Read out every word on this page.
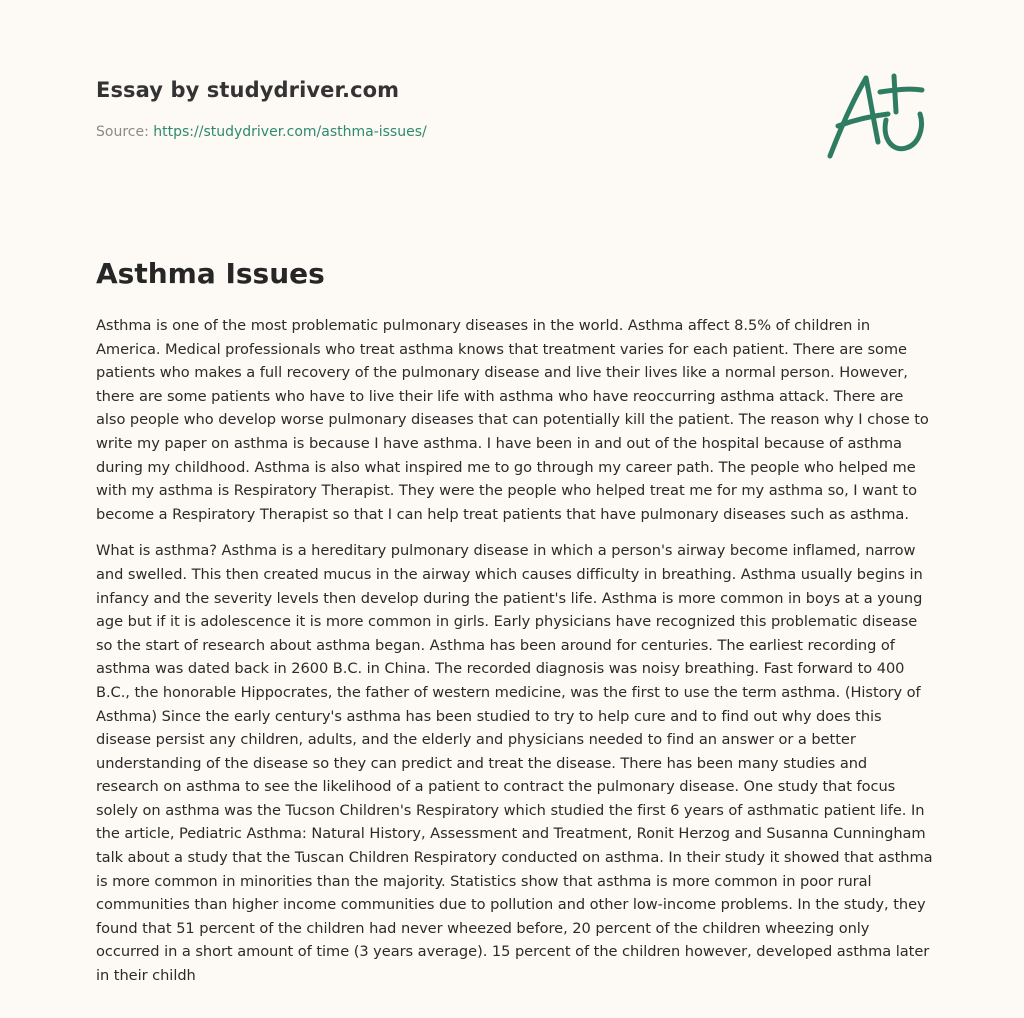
Essay by studydriver.com
Source: https://studydriver.com/asthma-issues/
Asthma Issues

Asthma is one of the most problematic pulmonary diseases in the world. Asthma affect 8.5% of children in America. Medical professionals who treat asthma knows that treatment varies for each patient. There are some patients who makes a full recovery of the pulmonary disease and live their lives like a normal person. However, there are some patients who have to live their life with asthma who have reoccurring asthma attack. There are also people who develop worse pulmonary diseases that can potentially kill the patient. The reason why I chose to write my paper on asthma is because I have asthma. I have been in and out of the hospital because of asthma during my childhood. Asthma is also what inspired me to go through my career path. The people who helped me with my asthma is Respiratory Therapist. They were the people who helped treat me for my asthma so, I want to become a Respiratory Therapist so that I can help treat patients that have pulmonary diseases such as asthma.

What is asthma? Asthma is a hereditary pulmonary disease in which a person's airway become inflamed, narrow and swelled. This then created mucus in the airway which causes difficulty in breathing. Asthma usually begins in infancy and the severity levels then develop during the patient's life. Asthma is more common in boys at a young age but if it is adolescence it is more common in girls. Early physicians have recognized this problematic disease so the start of research about asthma began. Asthma has been around for centuries. The earliest recording of asthma was dated back in 2600 B.C. in China. The recorded diagnosis was noisy breathing. Fast forward to 400 B.C., the honorable Hippocrates, the father of western medicine, was the first to use the term asthma. (History of Asthma) Since the early century's asthma has been studied to try to help cure and to find out why does this disease persist any children, adults, and the elderly and physicians needed to find an answer or a better understanding of the disease so they can predict and treat the disease. There has been many studies and research on asthma to see the likelihood of a patient to contract the pulmonary disease. One study that focus solely on asthma was the Tucson Children's Respiratory which studied the first 6 years of asthmatic patient life. In the article, Pediatric Asthma: Natural History, Assessment and Treatment, Ronit Herzog and Susanna Cunningham talk about a study that the Tuscan Children Respiratory conducted on asthma. In their study it showed that asthma is more common in minorities than the majority. Statistics show that asthma is more common in poor rural communities than higher income communities due to pollution and other low-income problems. In the study, they found that 51 percent of the children had never wheezed before, 20 percent of the children wheezing only occurred in a short amount of time (3 years average). 15 percent of the children however, developed asthma later in their childh
